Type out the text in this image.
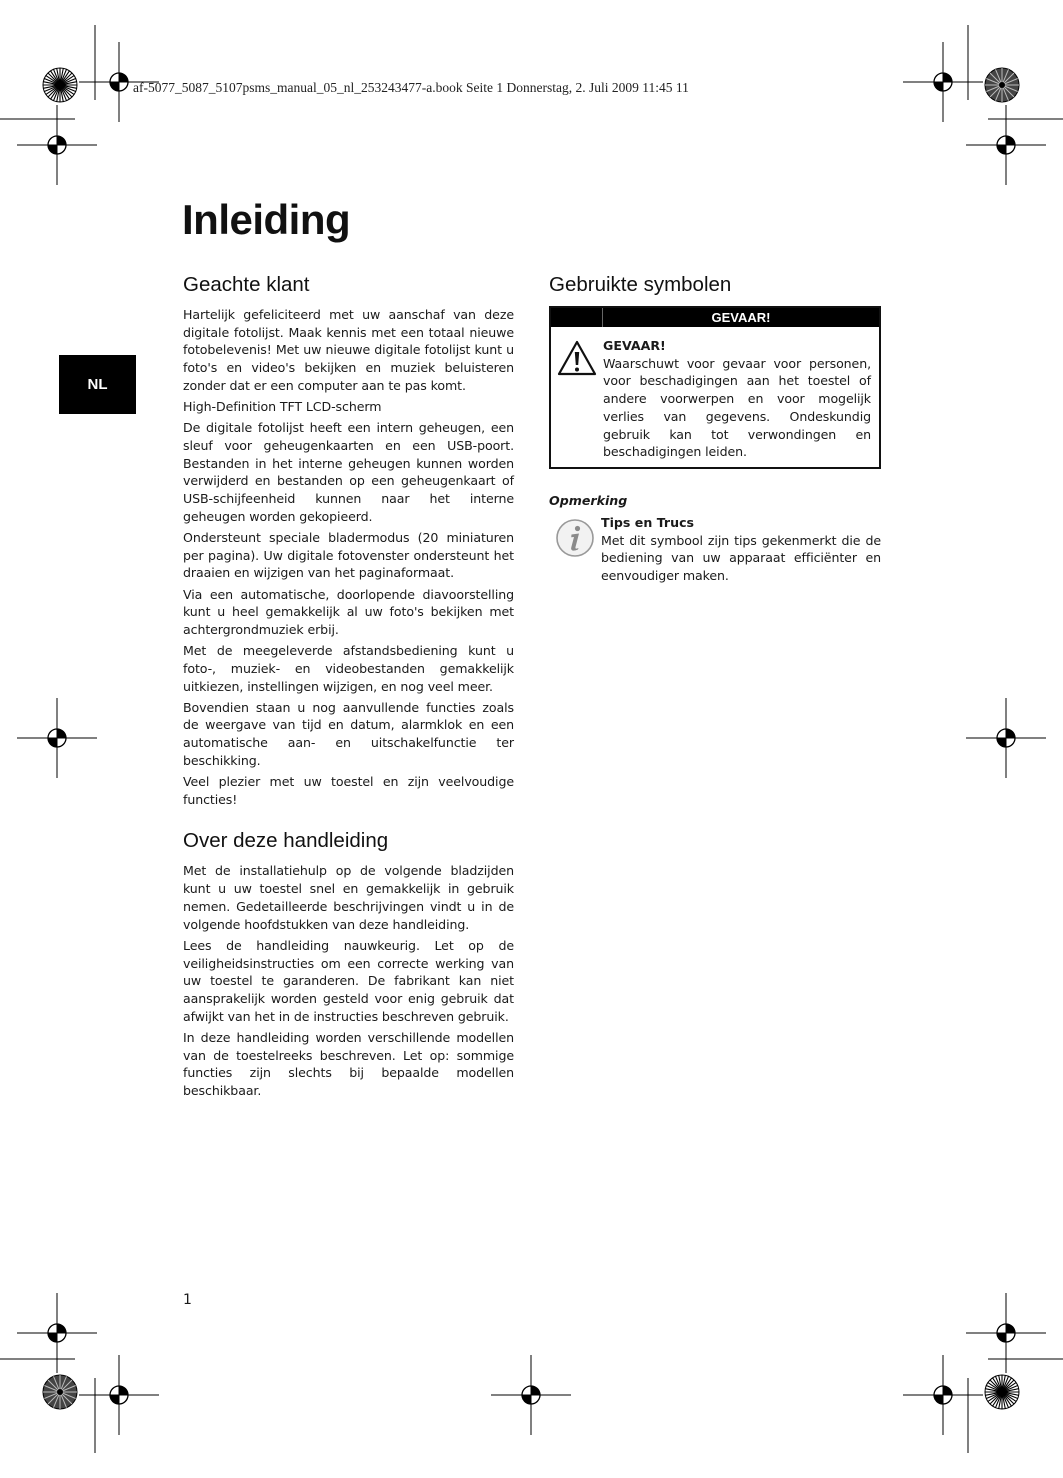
af-5077_5087_5107psms_manual_05_nl_253243477-a.book Seite 1 Donnerstag, 2. Juli 2009 11:45 11
NL
Inleiding
Geachte klant

Hartelijk gefeliciteerd met uw aanschaf van deze digitale fotolijst. Maak kennis met een totaal nieuwe fotobelevenis! Met uw nieuwe digitale fotolijst kunt u foto's en video's bekijken en muziek beluisteren zonder dat er een computer aan te pas komt.

High-Definition TFT LCD-scherm

De digitale fotolijst heeft een intern geheugen, een sleuf voor geheugenkaarten en een USB-poort. Bestanden in het interne geheugen kunnen worden verwijderd en bestanden op een geheugenkaart of USB-schijfeenheid kunnen naar het interne geheugen worden gekopieerd.

Ondersteunt speciale bladermodus (20 miniaturen per pagina). Uw digitale fotovenster ondersteunt het draaien en wijzigen van het paginaformaat.

Via een automatische, doorlopende diavoorstelling kunt u heel gemakkelijk al uw foto's bekijken met achtergrondmuziek erbij.

Met de meegeleverde afstandsbediening kunt u foto-, muziek- en videobestanden gemakkelijk uitkiezen, instellingen wijzigen, en nog veel meer.

Bovendien staan u nog aanvullende functies zoals de weergave van tijd en datum, alarmklok en een automatische aan- en uitschakelfunctie ter beschikking.

Veel plezier met uw toestel en zijn veelvoudige functies!

Over deze handleiding

Met de installatiehulp op de volgende bladzijden kunt u uw toestel snel en gemakkelijk in gebruik nemen. Gedetailleerde beschrijvingen vindt u in de volgende hoofdstukken van deze handleiding.

Lees de handleiding nauwkeurig. Let op de veiligheidsinstructies om een correcte werking van uw toestel te garanderen. De fabrikant kan niet aansprakelijk worden gesteld voor enig gebruik dat afwijkt van het in de instructies beschreven gebruik.

In deze handleiding worden verschillende modellen van de toestelreeks beschreven. Let op: sommige functies zijn slechts bij bepaalde modellen beschikbaar.

Gebruikte symbolen
GEVAAR!
GEVAAR!

Waarschuwt voor gevaar voor personen, voor beschadigingen aan het toestel of andere voorwerpen en voor mogelijk verlies van gegevens. Ondeskundig gebruik kan tot verwondingen en beschadigingen leiden.

Opmerking
Tips en Trucs

Met dit symbool zijn tips gekenmerkt die de bediening van uw apparaat efficiënter en eenvoudiger maken.

1
